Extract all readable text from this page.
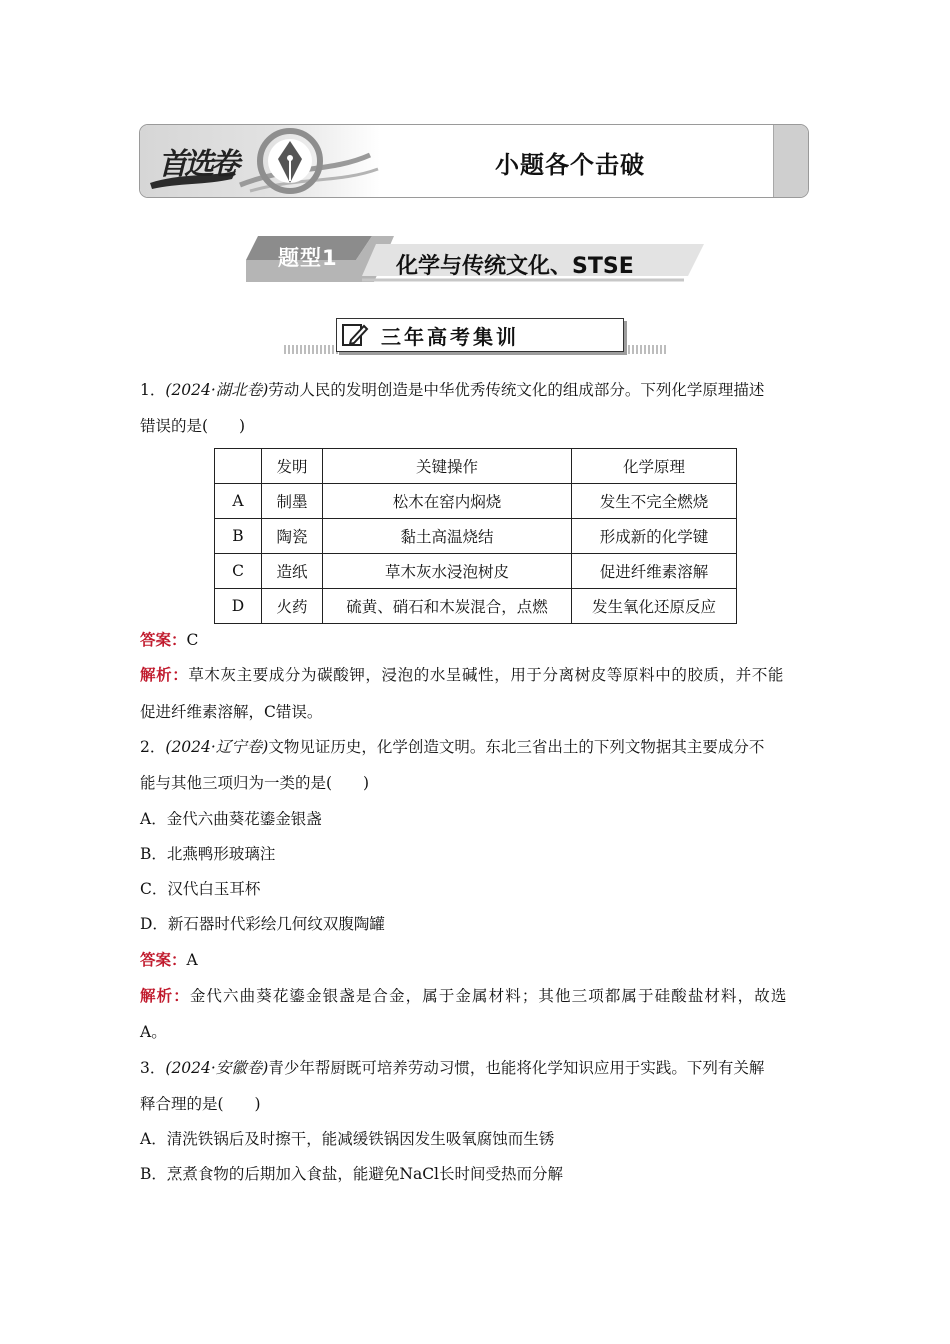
首选卷	小题各个击破
题型1	化学与传统文化、STSE
三年高考集训
1．(2024·湖北卷)劳动人民的发明创造是中华优秀传统文化的组成部分。下列化学原理描述
错误的是(　　)
	发明	关键操作	化学原理
A	制墨	松木在窑内焖烧	发生不完全燃烧
B	陶瓷	黏土高温烧结	形成新的化学键
C	造纸	草木灰水浸泡树皮	促进纤维素溶解
D	火药	硫黄、硝石和木炭混合，点燃	发生氧化还原反应
答案：C
解析：草木灰主要成分为碳酸钾，浸泡的水呈碱性，用于分离树皮等原料中的胶质，并不能
促进纤维素溶解，C错误。
2．(2024·辽宁卷)文物见证历史，化学创造文明。东北三省出土的下列文物据其主要成分不
能与其他三项归为一类的是(　　)
A．金代六曲葵花鎏金银盏
B．北燕鸭形玻璃注
C．汉代白玉耳杯
D．新石器时代彩绘几何纹双腹陶罐
答案：A
解析：金代六曲葵花鎏金银盏是合金，属于金属材料；其他三项都属于硅酸盐材料，故选
A。
3．(2024·安徽卷)青少年帮厨既可培养劳动习惯，也能将化学知识应用于实践。下列有关解
释合理的是(　　)
A．清洗铁锅后及时擦干，能减缓铁锅因发生吸氧腐蚀而生锈
B．烹煮食物的后期加入食盐，能避免NaCl长时间受热而分解
